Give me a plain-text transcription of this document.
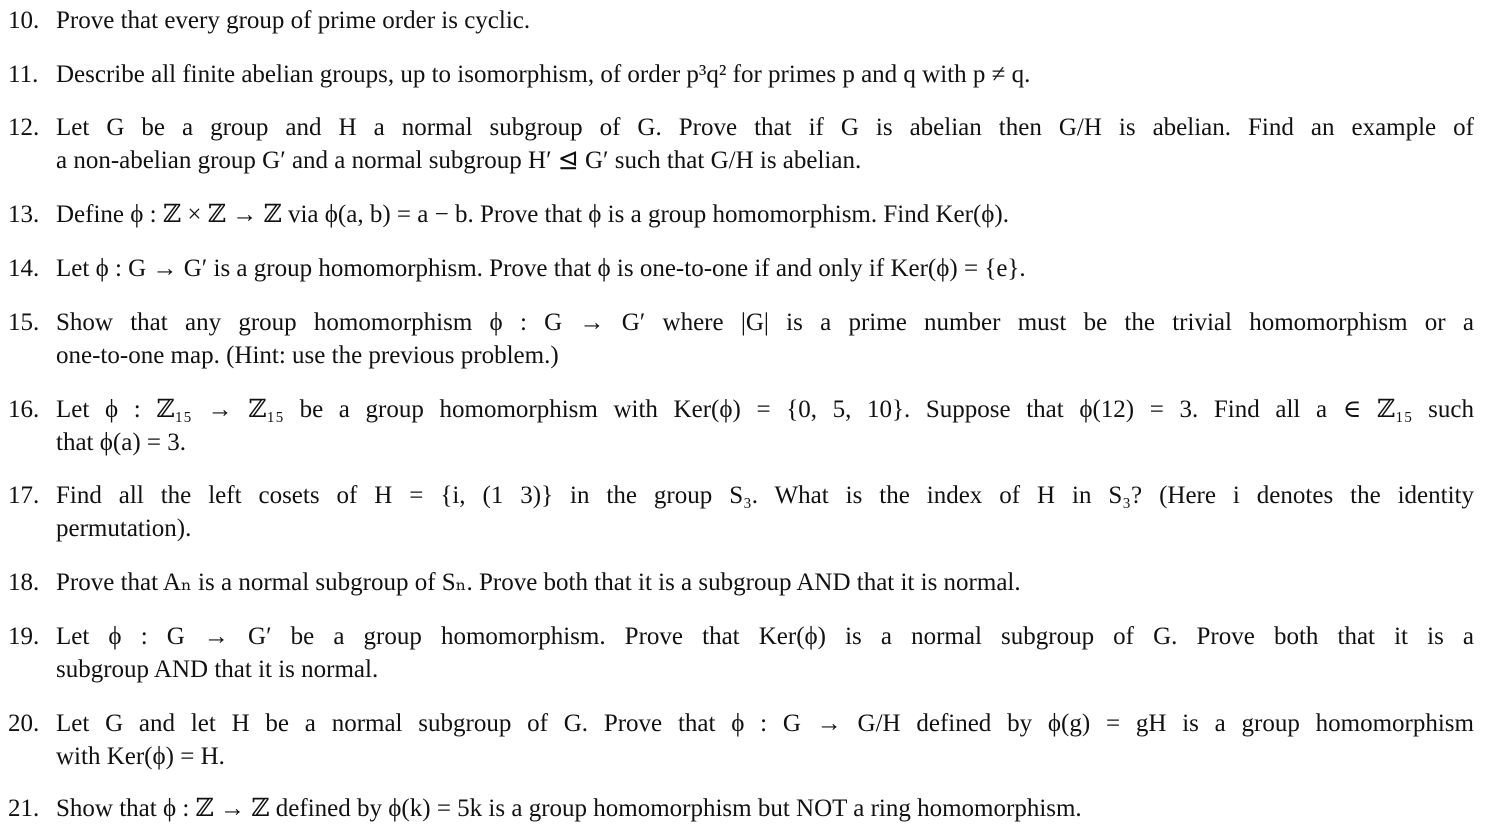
10. Prove that every group of prime order is cyclic.
11. Describe all finite abelian groups, up to isomorphism, of order p³q² for primes p and q with p ≠ q.
12. Let G be a group and H a normal subgroup of G. Prove that if G is abelian then G/H is abelian. Find an example of
a non-abelian group G′ and a normal subgroup H′ ⊴ G′ such that G/H is abelian.
13. Define ϕ : ℤ × ℤ → ℤ via ϕ(a, b) = a − b. Prove that ϕ is a group homomorphism. Find Ker(ϕ).
14. Let ϕ : G → G′ is a group homomorphism. Prove that ϕ is one-to-one if and only if Ker(ϕ) = {e}.
15. Show that any group homomorphism ϕ : G → G′ where |G| is a prime number must be the trivial homomorphism or a
one-to-one map. (Hint: use the previous problem.)
16. Let ϕ : ℤ₁₅ → ℤ₁₅ be a group homomorphism with Ker(ϕ) = {0, 5, 10}. Suppose that ϕ(12) = 3. Find all a ∈ ℤ₁₅ such
that ϕ(a) = 3.
17. Find all the left cosets of H = {i, (1 3)} in the group S₃. What is the index of H in S₃? (Here i denotes the identity
permutation).
18. Prove that Aₙ is a normal subgroup of Sₙ. Prove both that it is a subgroup AND that it is normal.
19. Let ϕ : G → G′ be a group homomorphism. Prove that Ker(ϕ) is a normal subgroup of G. Prove both that it is a
subgroup AND that it is normal.
20. Let G and let H be a normal subgroup of G. Prove that ϕ : G → G/H defined by ϕ(g) = gH is a group homomorphism
with Ker(ϕ) = H.
21. Show that ϕ : ℤ → ℤ defined by ϕ(k) = 5k is a group homomorphism but NOT a ring homomorphism.
